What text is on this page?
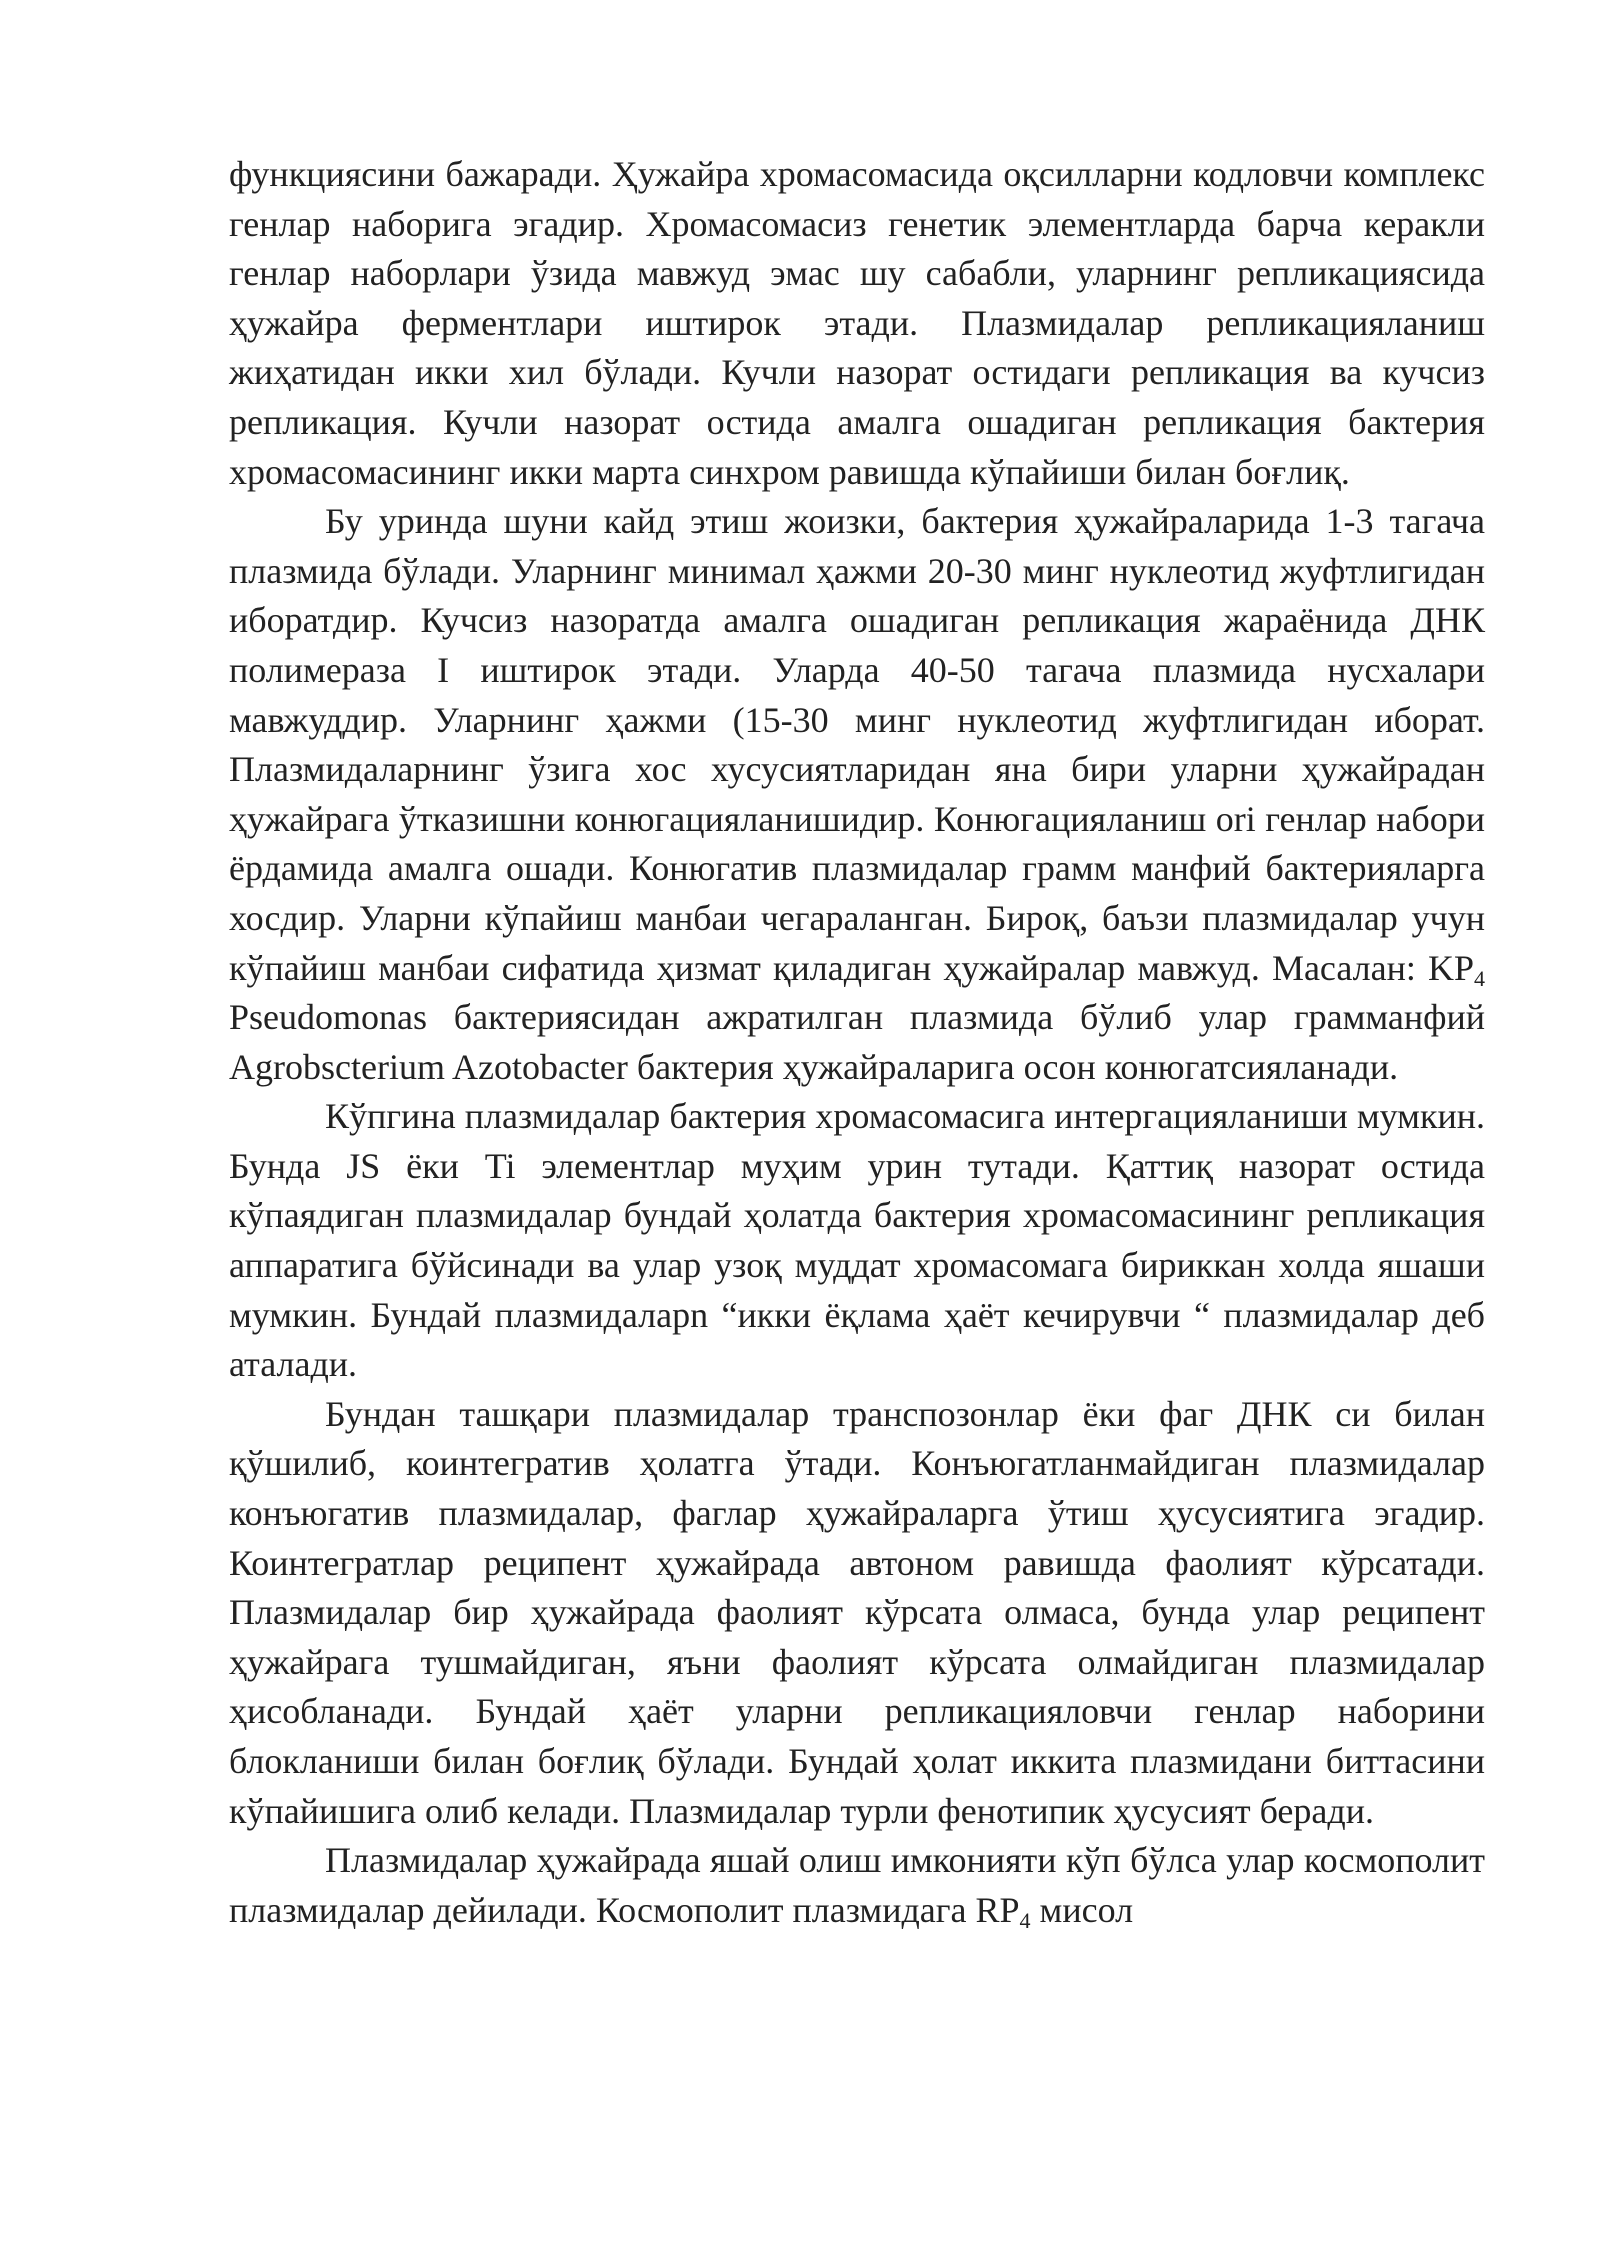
функциясини бажаради. Ҳужайра хромасомасида оқсилларни кодловчи комплекс генлар наборига эгадир. Хромасомасиз генетик элементларда барча керакли генлар наборлари ўзида мавжуд эмас шу сабабли, уларнинг репликациясида ҳужайра ферментлари иштирок этади. Плазмидалар репликацияланиш жиҳатидан икки хил бўлади. Кучли назорат остидаги репликация ва кучсиз репликация. Кучли назорат остида амалга ошадиган репликация бактерия хромасомасининг икки марта синхром равишда кўпайиши билан боғлиқ.

Бу уринда шуни кайд этиш жоизки, бактерия ҳужайраларида 1-3 тагача плазмида бўлади. Уларнинг минимал ҳажми 20-30 минг нуклеотид жуфтлигидан иборатдир. Кучсиз назоратда амалга ошадиган репликация жараёнида ДНК полимераза I иштирок этади. Уларда 40-50 тагача плазмида нусхалари мавжуддир. Уларнинг ҳажми (15-30 минг нуклеотид жуфтлигидан иборат. Плазмидаларнинг ўзига хос хусусиятларидан яна бири уларни ҳужайрадан ҳужайрага ўтказишни конюгацияланишидир. Конюгацияланиш ori генлар набори ёрдамида амалга ошади. Конюгатив плазмидалар грамм манфий бактерияларга хосдир. Уларни кўпайиш манбаи чегараланган. Бироқ, баъзи плазмидалар учун кўпайиш манбаи сифатида ҳизмат қиладиган ҳужайралар мавжуд. Масалан: $KP_4$ Pseudomonas бактериясидан ажратилган плазмида бўлиб улар грамманфий Agrobscterium Azotobacter бактерия ҳужайраларига осон конюгатсияланади.

Кўпгина плазмидалар бактерия хромасомасига интергацияланиши мумкин. Бунда JS ёки Ti элементлар муҳим урин тутади. Қаттиқ назорат остида кўпаядиган плазмидалар бундай ҳолатда бактерия хромасомасининг репликация аппаратига бўйсинади ва улар узоқ муддат хромасомага бириккан холда яшаши мумкин. Бундай плазмидаларn “икки ёқлама ҳаёт кечирувчи “ плазмидалар деб аталади.

Бундан ташқари плазмидалар транспозонлар ёки фаг ДНК си билан қўшилиб, коинтегратив ҳолатга ўтади. Конъюгатланмайдиган плазмидалар конъюгатив плазмидалар, фаглар ҳужайраларга ўтиш ҳусусиятига эгадир. Коинтегратлар реципент ҳужайрада автоном равишда фаолият кўрсатади. Плазмидалар бир ҳужайрада фаолият кўрсата олмаса, бунда улар реципент ҳужайрага тушмайдиган, яъни фаолият кўрсата олмайдиган плазмидалар ҳисобланади. Бундай ҳаёт уларни репликацияловчи генлар наборини блокланиши билан боғлиқ бўлади. Бундай ҳолат иккита плазмидани биттасини кўпайишига олиб келади. Плазмидалар турли фенотипик ҳусусият беради.

Плазмидалар ҳужайрада яшай олиш имконияти кўп бўлса улар космополит плазмидалар дейилади. Космополит плазмидага $RP_4$ мисол
